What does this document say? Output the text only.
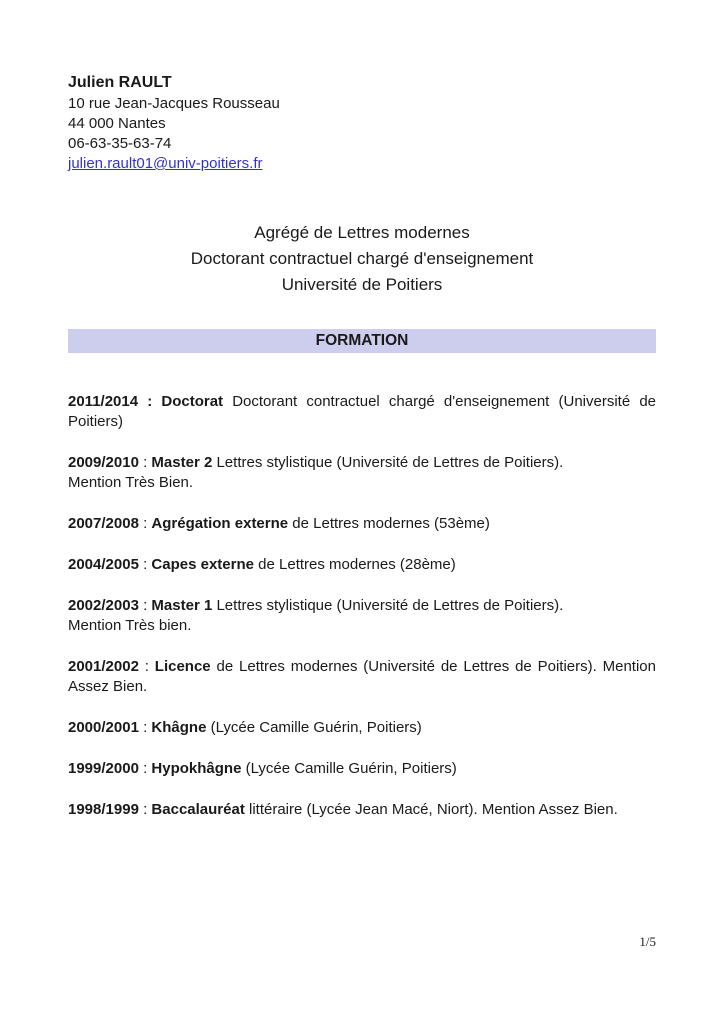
Julien RAULT

10 rue Jean-Jacques Rousseau

44 000 Nantes

06-63-35-63-74

julien.rault01@univ-poitiers.fr

Agrégé de Lettres modernes

Doctorant contractuel chargé d'enseignement

Université de Poitiers

FORMATION

2011/2014 : Doctorat Doctorant contractuel chargé d'enseignement (Université de Poitiers)

2009/2010 : Master 2 Lettres stylistique (Université de Lettres de Poitiers).
Mention Très Bien.

2007/2008 : Agrégation externe de Lettres modernes (53ème)

2004/2005 : Capes externe de Lettres modernes (28ème)

2002/2003 : Master 1 Lettres stylistique (Université de Lettres de Poitiers).
Mention Très bien.

2001/2002 : Licence de Lettres modernes (Université de Lettres de Poitiers). Mention Assez Bien.

2000/2001 : Khâgne (Lycée Camille Guérin, Poitiers)

1999/2000 : Hypokhâgne (Lycée Camille Guérin, Poitiers)

1998/1999 : Baccalauréat littéraire (Lycée Jean Macé, Niort). Mention Assez Bien.

1/5
